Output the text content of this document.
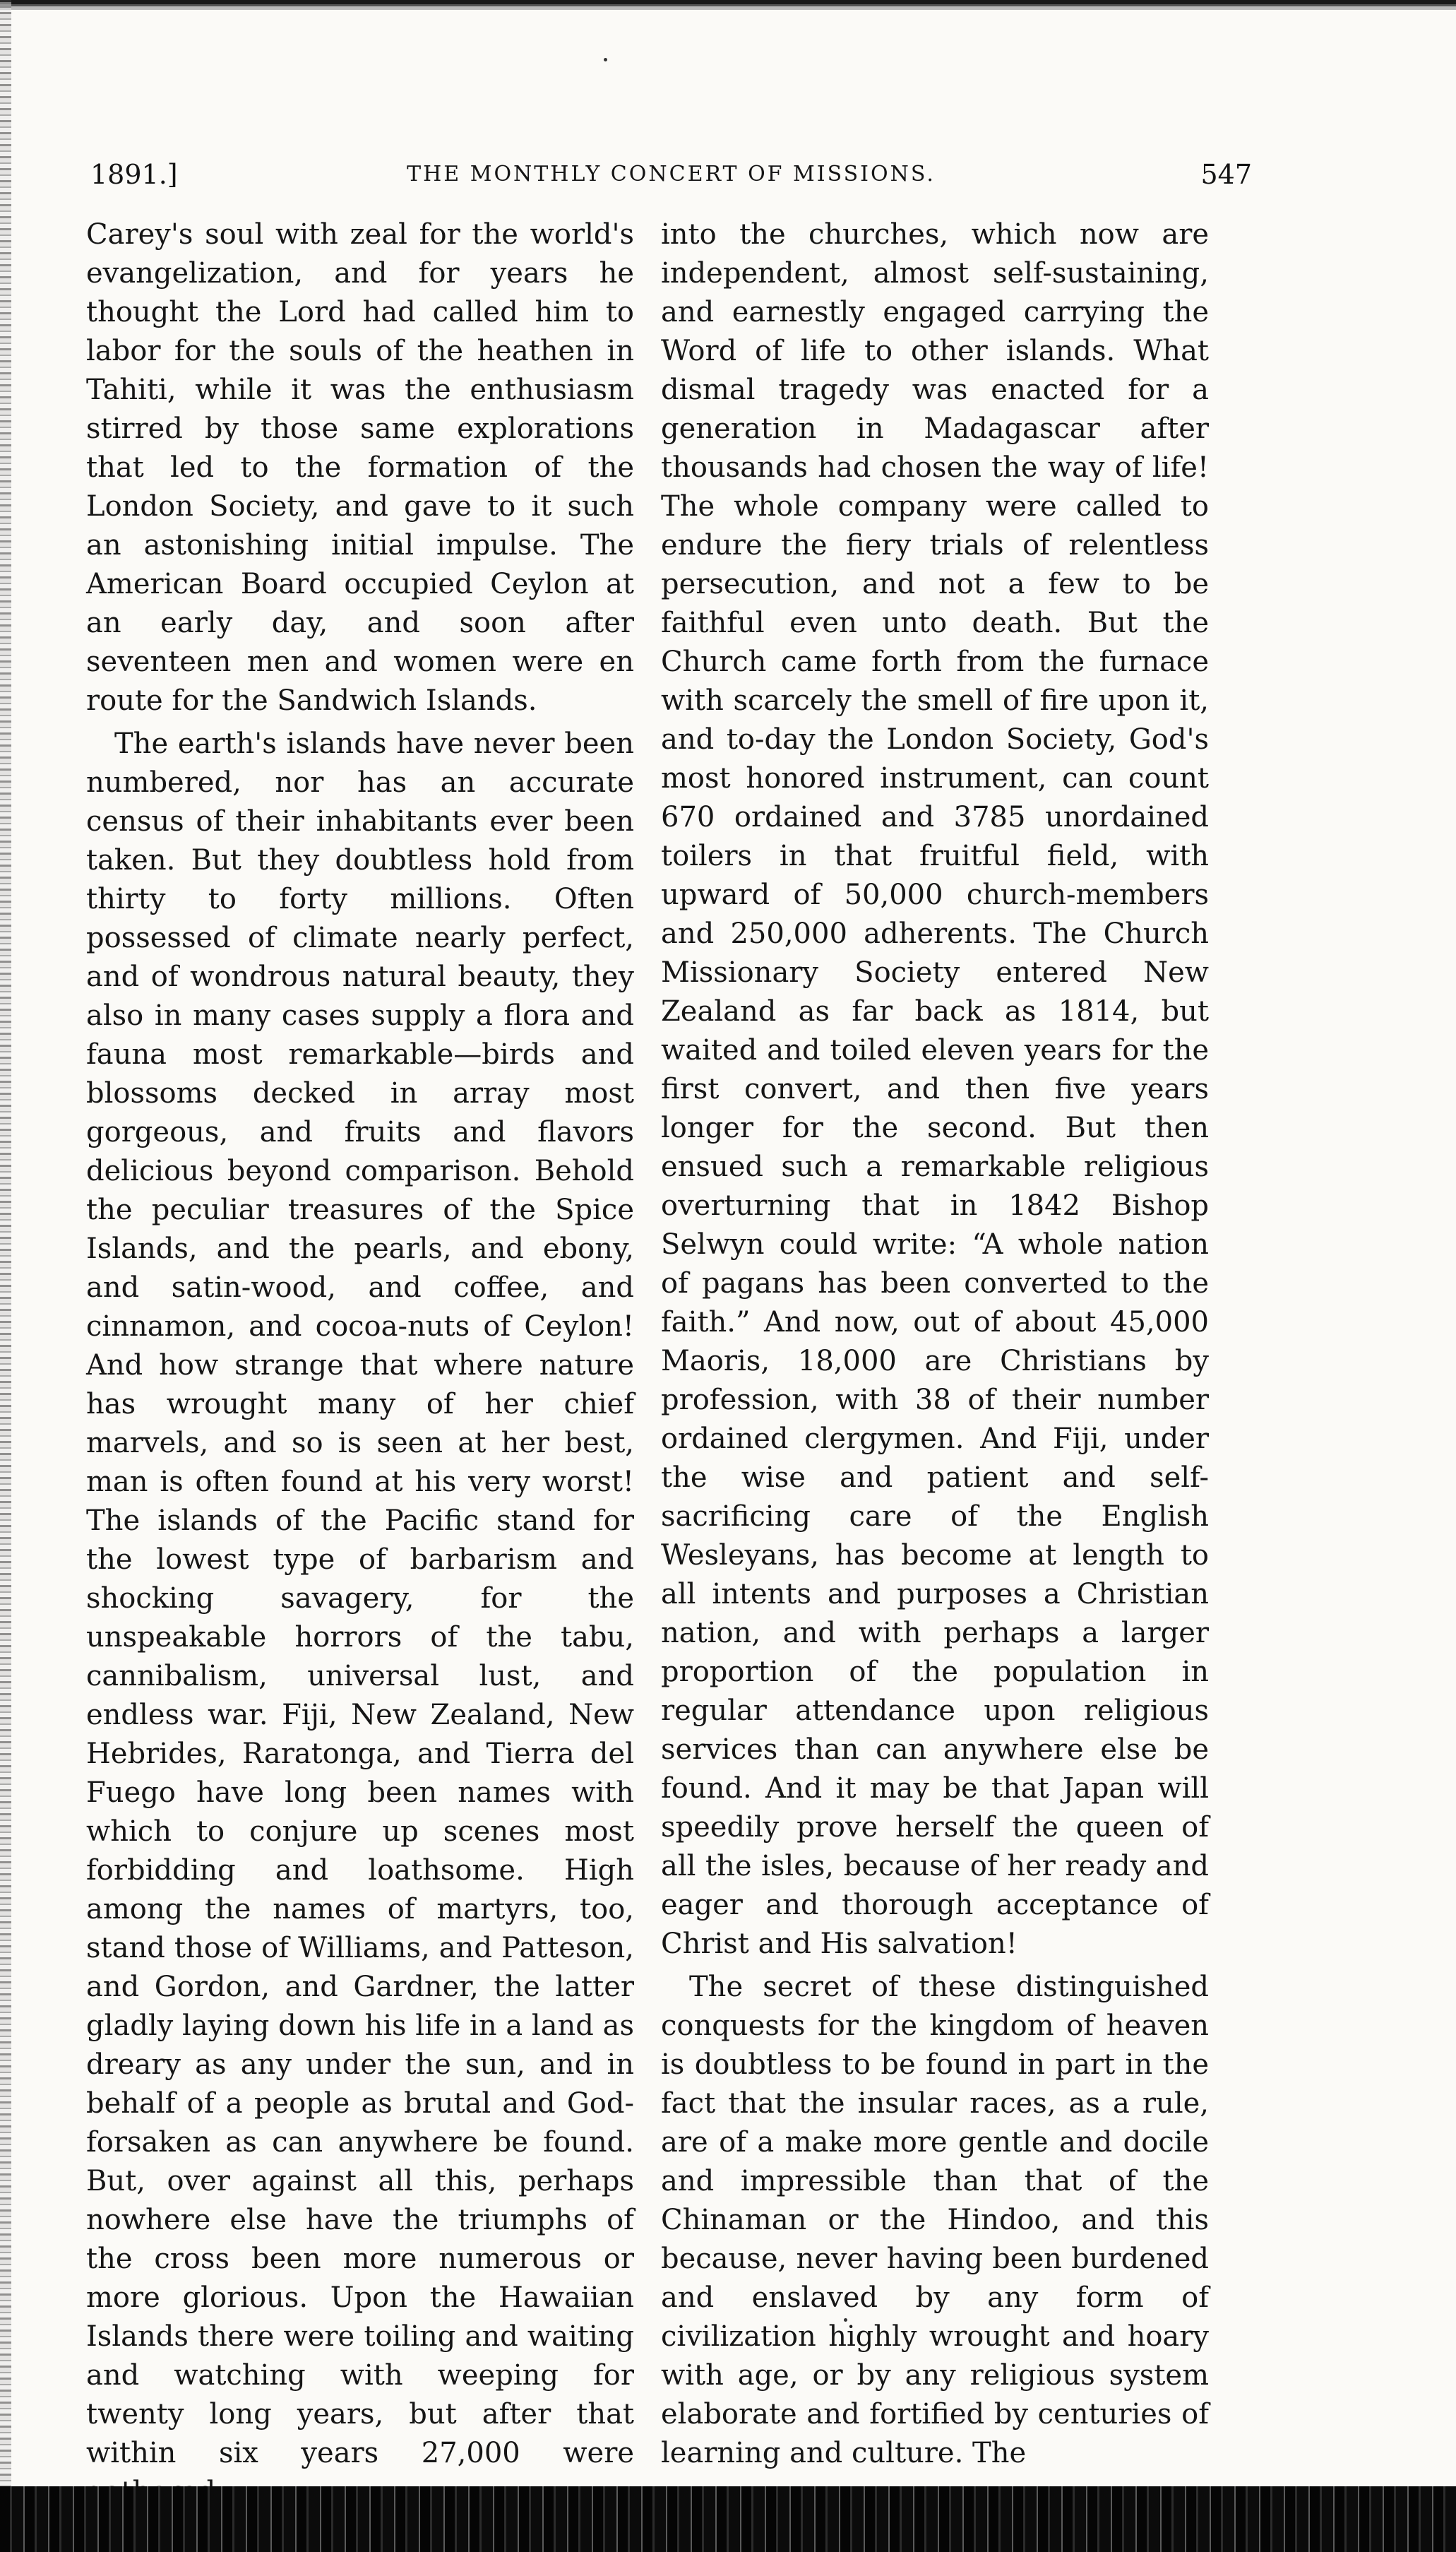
1891.]	THE MONTHLY CONCERT OF MISSIONS.	547

Carey's soul with zeal for the world's evangelization, and for years he thought the Lord had called him to labor for the souls of the heathen in Tahiti, while it was the enthusiasm stirred by those same explorations that led to the formation of the London Society, and gave to it such an astonishing initial impulse. The American Board occupied Ceylon at an early day, and soon after seventeen men and women were en route for the Sandwich Islands.

The earth's islands have never been numbered, nor has an accurate census of their inhabitants ever been taken. But they doubtless hold from thirty to forty millions. Often possessed of climate nearly perfect, and of wondrous natural beauty, they also in many cases supply a flora and fauna most remarkable—birds and blossoms decked in array most gorgeous, and fruits and flavors delicious beyond comparison. Behold the peculiar treasures of the Spice Islands, and the pearls, and ebony, and satin-wood, and coffee, and cinnamon, and cocoa-nuts of Ceylon! And how strange that where nature has wrought many of her chief marvels, and so is seen at her best, man is often found at his very worst! The islands of the Pacific stand for the lowest type of barbarism and shocking savagery, for the unspeakable horrors of the tabu, cannibalism, universal lust, and endless war. Fiji, New Zealand, New Hebrides, Raratonga, and Tierra del Fuego have long been names with which to conjure up scenes most forbidding and loathsome. High among the names of martyrs, too, stand those of Williams, and Patteson, and Gordon, and Gardner, the latter gladly laying down his life in a land as dreary as any under the sun, and in behalf of a people as brutal and God-forsaken as can anywhere be found. But, over against all this, perhaps nowhere else have the triumphs of the cross been more numerous or more glorious. Upon the Hawaiian Islands there were toiling and waiting and watching with weeping for twenty long years, but after that within six years 27,000 were

into the churches, which now are independent, almost self-sustaining, and earnestly engaged carrying the Word of life to other islands. What dismal tragedy was enacted for a generation in Madagascar after thousands had chosen the way of life! The whole company were called to endure the fiery trials of relentless persecution, and not a few to be faithful even unto death. But the Church came forth from the furnace with scarcely the smell of fire upon it, and to-day the London Society, God's most honored instrument, can count 670 ordained and 3785 unordained toilers in that fruitful field, with upward of 50,000 church-members and 250,000 adherents. The Church Missionary Society entered New Zealand as far back as 1814, but waited and toiled eleven years for the first convert, and then five years longer for the second. But then ensued such a remarkable religious overturning that in 1842 Bishop Selwyn could write: “A whole nation of pagans has been converted to the faith.” And now, out of about 45,000 Maoris, 18,000 are Christians by profession, with 38 of their number ordained clergymen. And Fiji, under the wise and patient and self-sacrificing care of the English Wesleyans, has become at length to all intents and purposes a Christian nation, and with perhaps a larger proportion of the population in regular attendance upon religious services than can anywhere else be found. And it may be that Japan will speedily prove herself the queen of all the isles, because of her ready and eager and thorough acceptance of Christ and His salvation!

The secret of these distinguished conquests for the kingdom of heaven is doubtless to be found in part in the fact that the insular races, as a rule, are of a make more gentle and docile and impressible than that of the Chinaman or the Hindoo, and this because, never having been burdened and enslaved by any form of civilization highly wrought and hoary with age, or by any religious system elaborate and fortified by centuries of learning and culture. The
